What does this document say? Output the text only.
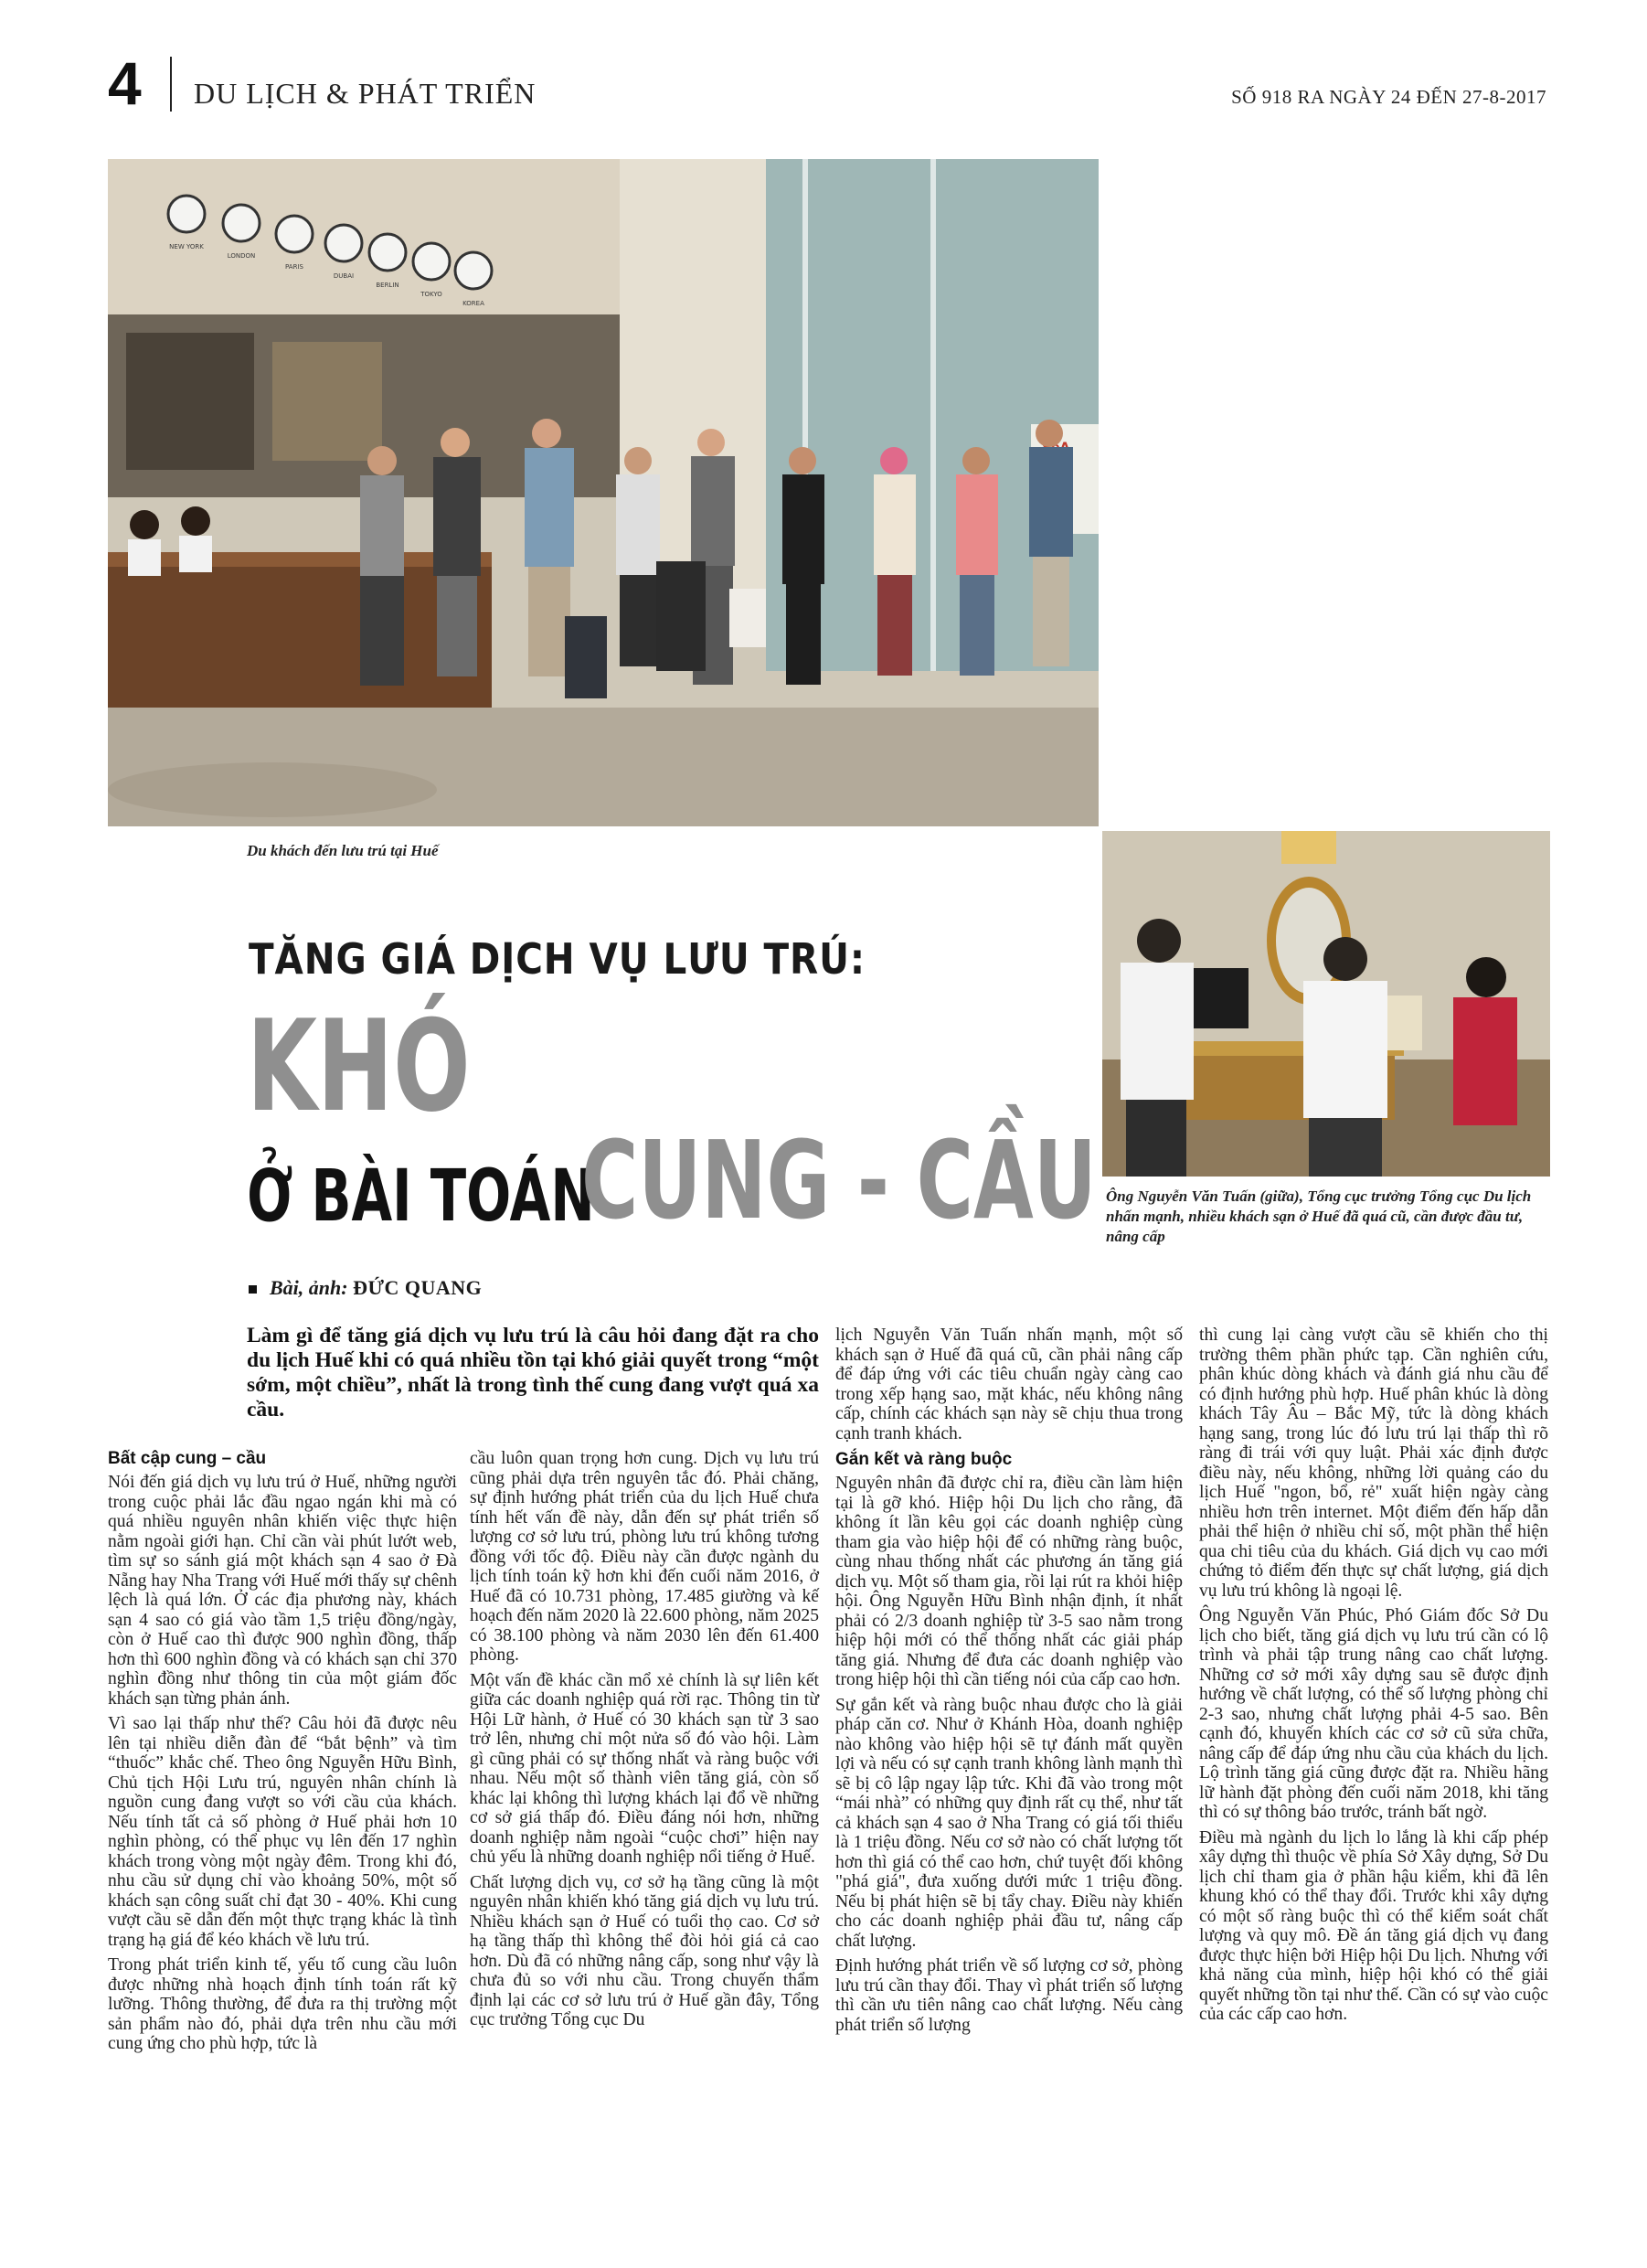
4 DU LỊCH & PHÁT TRIỂN	SỐ 918 RA NGÀY 24 ĐẾN 27-8-2017
NEW YORK
LONDON
PARIS
DUBAI
BERLIN
TOKYO
KOREA
Du khách đến lưu trú tại Huế
Ông Nguyễn Văn Tuấn (giữa), Tổng cục trưởng Tổng cục Du lịch nhấn mạnh, nhiều khách sạn ở Huế đã quá cũ, cần được đầu tư, nâng cấp
TĂNG GIÁ DỊCH VỤ LƯU TRÚ:
KHÓ
Ở BÀI TOÁN
CUNG - CẦU
Bài, ảnh: ĐỨC QUANG
Làm gì để tăng giá dịch vụ lưu trú là câu hỏi đang đặt ra cho du lịch Huế khi có quá nhiều tồn tại khó giải quyết trong “một sớm, một chiều”, nhất là trong tình thế cung đang vượt quá xa cầu.
Bất cập cung – cầu

Nói đến giá dịch vụ lưu trú ở Huế, những người trong cuộc phải lắc đầu ngao ngán khi mà có quá nhiều nguyên nhân khiến việc thực hiện nằm ngoài giới hạn. Chỉ cần vài phút lướt web, tìm sự so sánh giá một khách sạn 4 sao ở Đà Nẵng hay Nha Trang với Huế mới thấy sự chênh lệch là quá lớn. Ở các địa phương này, khách sạn 4 sao có giá vào tầm 1,5 triệu đồng/ngày, còn ở Huế cao thì được 900 nghìn đồng, thấp hơn thì 600 nghìn đồng và có khách sạn chỉ 370 nghìn đồng như thông tin của một giám đốc khách sạn từng phản ánh.

Vì sao lại thấp như thế? Câu hỏi đã được nêu lên tại nhiều diễn đàn để “bắt bệnh” và tìm “thuốc” khắc chế. Theo ông Nguyễn Hữu Bình, Chủ tịch Hội Lưu trú, nguyên nhân chính là nguồn cung đang vượt so với cầu của khách. Nếu tính tất cả số phòng ở Huế phải hơn 10 nghìn phòng, có thể phục vụ lên đến 17 nghìn khách trong vòng một ngày đêm. Trong khi đó, nhu cầu sử dụng chỉ vào khoảng 50%, một số khách sạn công suất chỉ đạt 30 - 40%. Khi cung vượt cầu sẽ dẫn đến một thực trạng khác là tình trạng hạ giá để kéo khách về lưu trú.

Trong phát triển kinh tế, yếu tố cung cầu luôn được những nhà hoạch định tính toán rất kỹ lưỡng. Thông thường, để đưa ra thị trường một sản phẩm nào đó, phải dựa trên nhu cầu mới cung ứng cho phù hợp, tức là

cầu luôn quan trọng hơn cung. Dịch vụ lưu trú cũng phải dựa trên nguyên tắc đó. Phải chăng, sự định hướng phát triển của du lịch Huế chưa tính hết vấn đề này, dẫn đến sự phát triển số lượng cơ sở lưu trú, phòng lưu trú không tương đồng với tốc độ. Điều này cần được ngành du lịch tính toán kỹ hơn khi đến cuối năm 2016, ở Huế đã có 10.731 phòng, 17.485 giường và kế hoạch đến năm 2020 là 22.600 phòng, năm 2025 có 38.100 phòng và năm 2030 lên đến 61.400 phòng.

Một vấn đề khác cần mổ xẻ chính là sự liên kết giữa các doanh nghiệp quá rời rạc. Thông tin từ Hội Lữ hành, ở Huế có 30 khách sạn từ 3 sao trở lên, nhưng chỉ một nửa số đó vào hội. Làm gì cũng phải có sự thống nhất và ràng buộc với nhau. Nếu một số thành viên tăng giá, còn số khác lại không thì lượng khách lại đổ về những cơ sở giá thấp đó. Điều đáng nói hơn, những doanh nghiệp nằm ngoài “cuộc chơi” hiện nay chủ yếu là những doanh nghiệp nổi tiếng ở Huế.

Chất lượng dịch vụ, cơ sở hạ tầng cũng là một nguyên nhân khiến khó tăng giá dịch vụ lưu trú. Nhiều khách sạn ở Huế có tuổi thọ cao. Cơ sở hạ tầng thấp thì không thể đòi hỏi giá cả cao hơn. Dù đã có những nâng cấp, song như vậy là chưa đủ so với nhu cầu. Trong chuyến thẩm định lại các cơ sở lưu trú ở Huế gần đây, Tổng cục trưởng Tổng cục Du

lịch Nguyễn Văn Tuấn nhấn mạnh, một số khách sạn ở Huế đã quá cũ, cần phải nâng cấp để đáp ứng với các tiêu chuẩn ngày càng cao trong xếp hạng sao, mặt khác, nếu không nâng cấp, chính các khách sạn này sẽ chịu thua trong cạnh tranh khách.

Gắn kết và ràng buộc

Nguyên nhân đã được chỉ ra, điều cần làm hiện tại là gỡ khó. Hiệp hội Du lịch cho rằng, đã không ít lần kêu gọi các doanh nghiệp cùng tham gia vào hiệp hội để có những ràng buộc, cùng nhau thống nhất các phương án tăng giá dịch vụ. Một số tham gia, rồi lại rút ra khỏi hiệp hội. Ông Nguyễn Hữu Bình nhận định, ít nhất phải có 2/3 doanh nghiệp từ 3-5 sao nằm trong hiệp hội mới có thể thống nhất các giải pháp tăng giá. Nhưng để đưa các doanh nghiệp vào trong hiệp hội thì cần tiếng nói của cấp cao hơn.

Sự gắn kết và ràng buộc nhau được cho là giải pháp căn cơ. Như ở Khánh Hòa, doanh nghiệp nào không vào hiệp hội sẽ tự đánh mất quyền lợi và nếu có sự cạnh tranh không lành mạnh thì sẽ bị cô lập ngay lập tức. Khi đã vào trong một “mái nhà” có những quy định rất cụ thể, như tất cả khách sạn 4 sao ở Nha Trang có giá tối thiểu là 1 triệu đồng. Nếu cơ sở nào có chất lượng tốt hơn thì giá có thể cao hơn, chứ tuyệt đối không "phá giá", đưa xuống dưới mức 1 triệu đồng. Nếu bị phát hiện sẽ bị tẩy chay. Điều này khiến cho các doanh nghiệp phải đầu tư, nâng cấp chất lượng.

Định hướng phát triển về số lượng cơ sở, phòng lưu trú cần thay đổi. Thay vì phát triển số lượng thì cần ưu tiên nâng cao chất lượng. Nếu càng phát triển số lượng

thì cung lại càng vượt cầu sẽ khiến cho thị trường thêm phần phức tạp. Cần nghiên cứu, phân khúc dòng khách và đánh giá nhu cầu để có định hướng phù hợp. Huế phân khúc là dòng khách Tây Âu – Bắc Mỹ, tức là dòng khách hạng sang, trong lúc đó lưu trú lại thấp thì rõ ràng đi trái với quy luật. Phải xác định được điều này, nếu không, những lời quảng cáo du lịch Huế "ngon, bổ, rẻ" xuất hiện ngày càng nhiều hơn trên internet. Một điểm đến hấp dẫn phải thể hiện ở nhiều chỉ số, một phần thể hiện qua chi tiêu của du khách. Giá dịch vụ cao mới chứng tỏ điểm đến thực sự chất lượng, giá dịch vụ lưu trú không là ngoại lệ.

Ông Nguyễn Văn Phúc, Phó Giám đốc Sở Du lịch cho biết, tăng giá dịch vụ lưu trú cần có lộ trình và phải tập trung nâng cao chất lượng. Những cơ sở mới xây dựng sau sẽ được định hướng về chất lượng, có thể số lượng phòng chỉ 2-3 sao, nhưng chất lượng phải 4-5 sao. Bên cạnh đó, khuyến khích các cơ sở cũ sửa chữa, nâng cấp để đáp ứng nhu cầu của khách du lịch. Lộ trình tăng giá cũng được đặt ra. Nhiều hãng lữ hành đặt phòng đến cuối năm 2018, khi tăng thì có sự thông báo trước, tránh bất ngờ.

Điều mà ngành du lịch lo lắng là khi cấp phép xây dựng thì thuộc về phía Sở Xây dựng, Sở Du lịch chỉ tham gia ở phần hậu kiểm, khi đã lên khung khó có thể thay đổi. Trước khi xây dựng có một số ràng buộc thì có thể kiểm soát chất lượng và quy mô. Đề án tăng giá dịch vụ đang được thực hiện bởi Hiệp hội Du lịch. Nhưng với khả năng của mình, hiệp hội khó có thể giải quyết những tồn tại như thế. Cần có sự vào cuộc của các cấp cao hơn.
